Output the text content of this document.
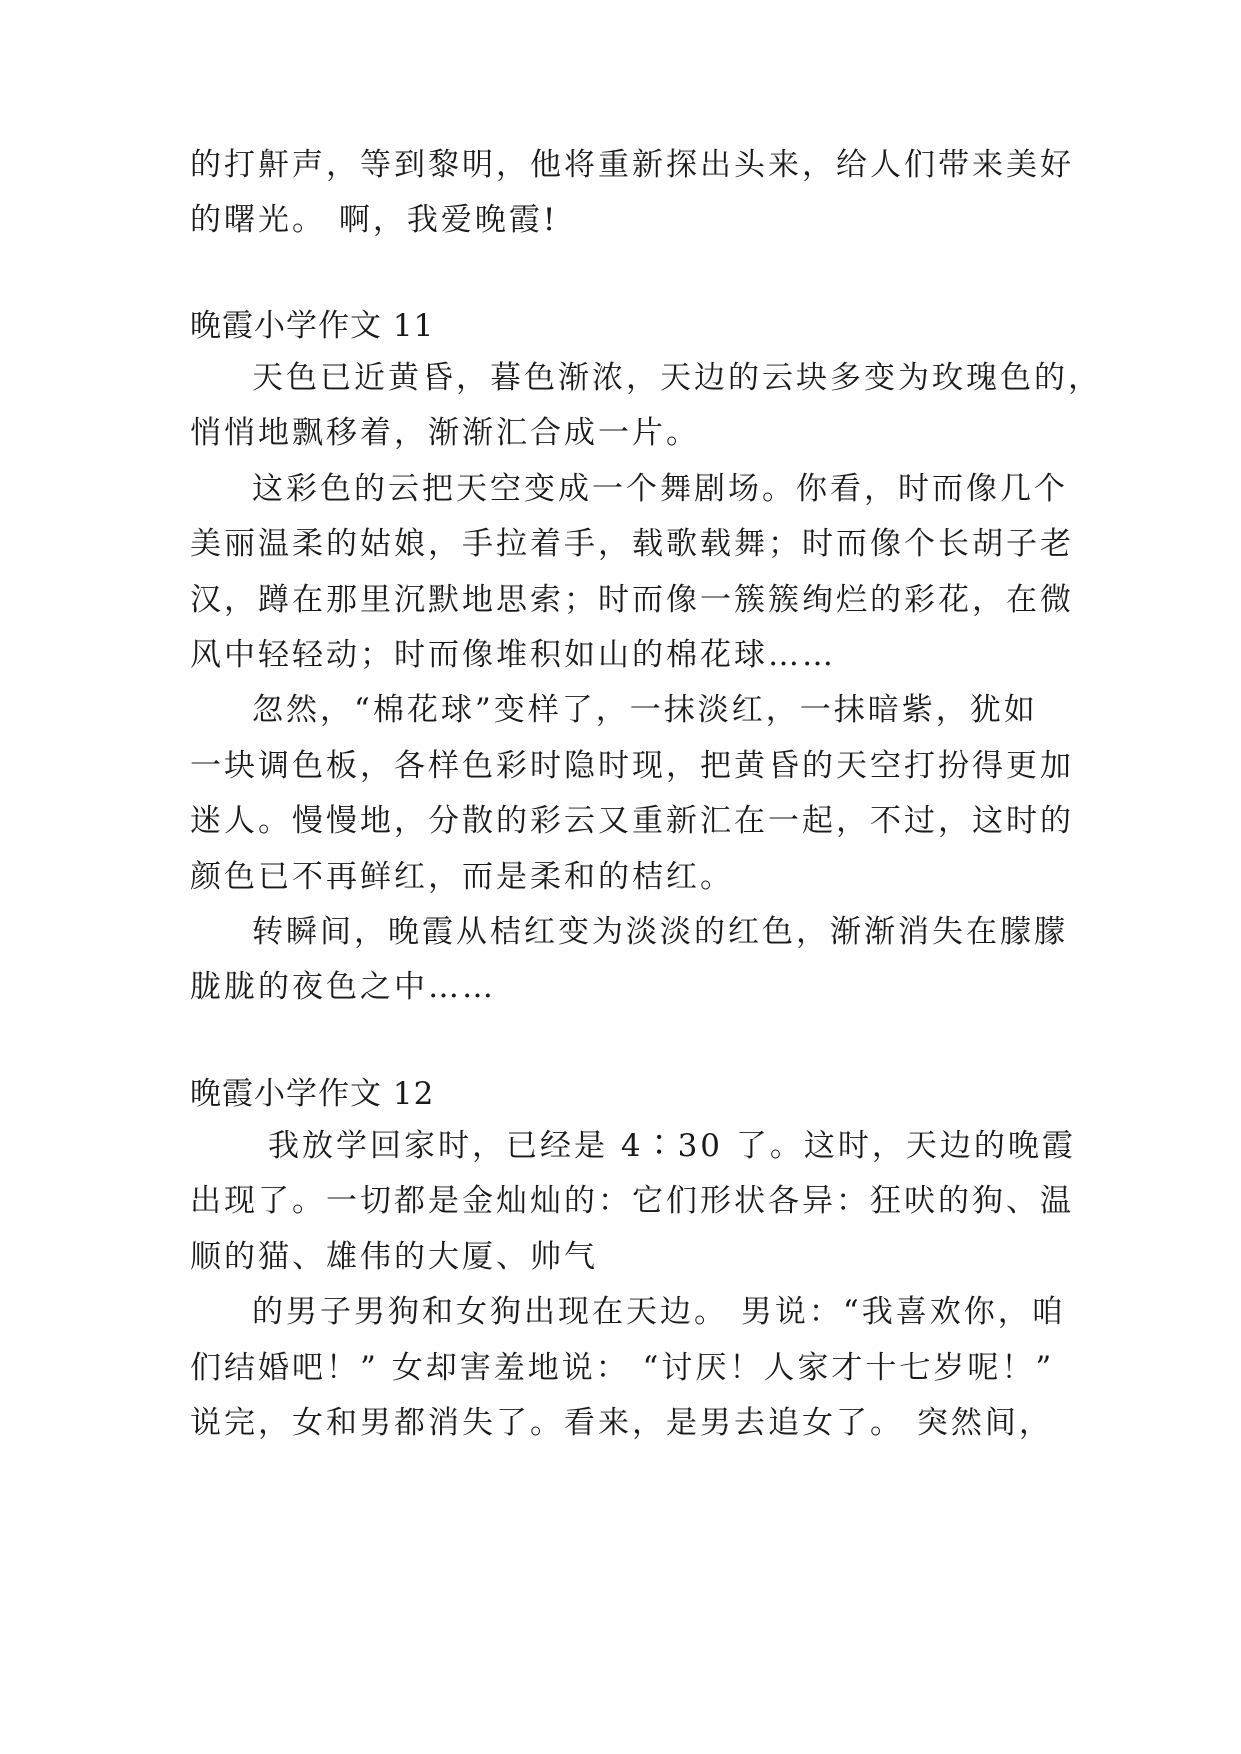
的打鼾声，等到黎明，他将重新探出头来，给人们带来美好
的曙光。 啊，我爱晚霞!
晚霞小学作文 11
天色已近黄昏，暮色渐浓，天边的云块多变为玫瑰色的，
悄悄地飘移着，渐渐汇合成一片。
这彩色的云把天空变成一个舞剧场。你看，时而像几个
美丽温柔的姑娘，手拉着手，载歌载舞；时而像个长胡子老
汉，蹲在那里沉默地思索；时而像一簇簇绚烂的彩花，在微
风中轻轻动；时而像堆积如山的棉花球……
忽然，“棉花球”变样了，一抹淡红，一抹暗紫，犹如
一块调色板，各样色彩时隐时现，把黄昏的天空打扮得更加
迷人。慢慢地，分散的彩云又重新汇在一起，不过，这时的
颜色已不再鲜红，而是柔和的桔红。
转瞬间，晚霞从桔红变为淡淡的红色，渐渐消失在朦朦
胧胧的夜色之中……
晚霞小学作文 12
我放学回家时，已经是 4∶30 了。这时，天边的晚霞
出现了。一切都是金灿灿的：它们形状各异：狂吠的狗、温
顺的猫、雄伟的大厦、帅气
的男子男狗和女狗出现在天边。 男说：“我喜欢你，咱
们结婚吧！” 女却害羞地说： “讨厌！人家才十七岁呢！”
说完，女和男都消失了。看来，是男去追女了。 突然间，
